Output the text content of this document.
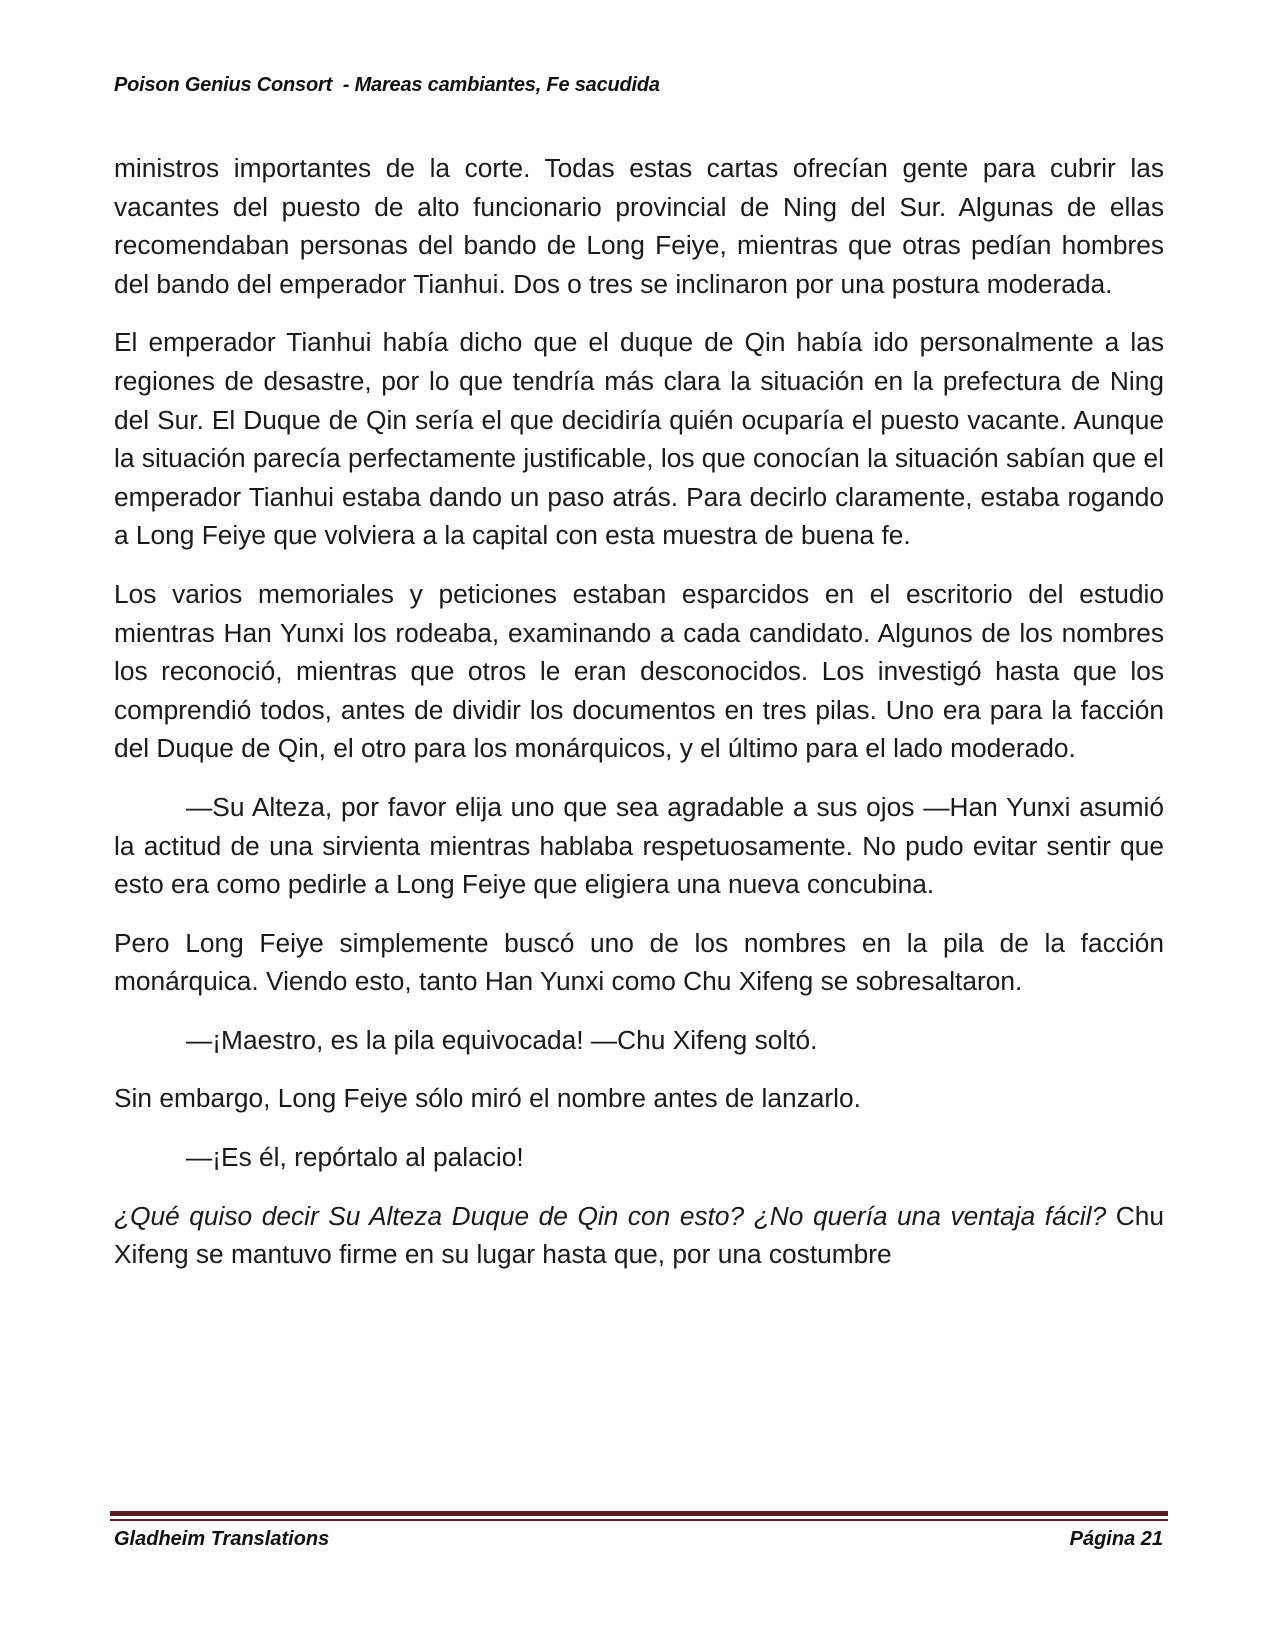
Poison Genius Consort  - Mareas cambiantes, Fe sacudida

ministros importantes de la corte. Todas estas cartas ofrecían gente para cubrir las vacantes del puesto de alto funcionario provincial de Ning del Sur. Algunas de ellas recomendaban personas del bando de Long Feiye, mientras que otras pedían hombres del bando del emperador Tianhui. Dos o tres se inclinaron por una postura moderada.

El emperador Tianhui había dicho que el duque de Qin había ido personalmente a las regiones de desastre, por lo que tendría más clara la situación en la prefectura de Ning del Sur. El Duque de Qin sería el que decidiría quién ocuparía el puesto vacante. Aunque la situación parecía perfectamente justificable, los que conocían la situación sabían que el emperador Tianhui estaba dando un paso atrás. Para decirlo claramente, estaba rogando a Long Feiye que volviera a la capital con esta muestra de buena fe.

Los varios memoriales y peticiones estaban esparcidos en el escritorio del estudio mientras Han Yunxi los rodeaba, examinando a cada candidato. Algunos de los nombres los reconoció, mientras que otros le eran desconocidos. Los investigó hasta que los comprendió todos, antes de dividir los documentos en tres pilas. Uno era para la facción del Duque de Qin, el otro para los monárquicos, y el último para el lado moderado.

—Su Alteza, por favor elija uno que sea agradable a sus ojos —Han Yunxi asumió la actitud de una sirvienta mientras hablaba respetuosamente. No pudo evitar sentir que esto era como pedirle a Long Feiye que eligiera una nueva concubina.

Pero Long Feiye simplemente buscó uno de los nombres en la pila de la facción monárquica. Viendo esto, tanto Han Yunxi como Chu Xifeng se sobresaltaron.

—¡Maestro, es la pila equivocada! —Chu Xifeng soltó.

Sin embargo, Long Feiye sólo miró el nombre antes de lanzarlo.

—¡Es él, repórtalo al palacio!

¿Qué quiso decir Su Alteza Duque de Qin con esto? ¿No quería una ventaja fácil? Chu Xifeng se mantuvo firme en su lugar hasta que, por una costumbre

Gladheim Translations	Página 21
